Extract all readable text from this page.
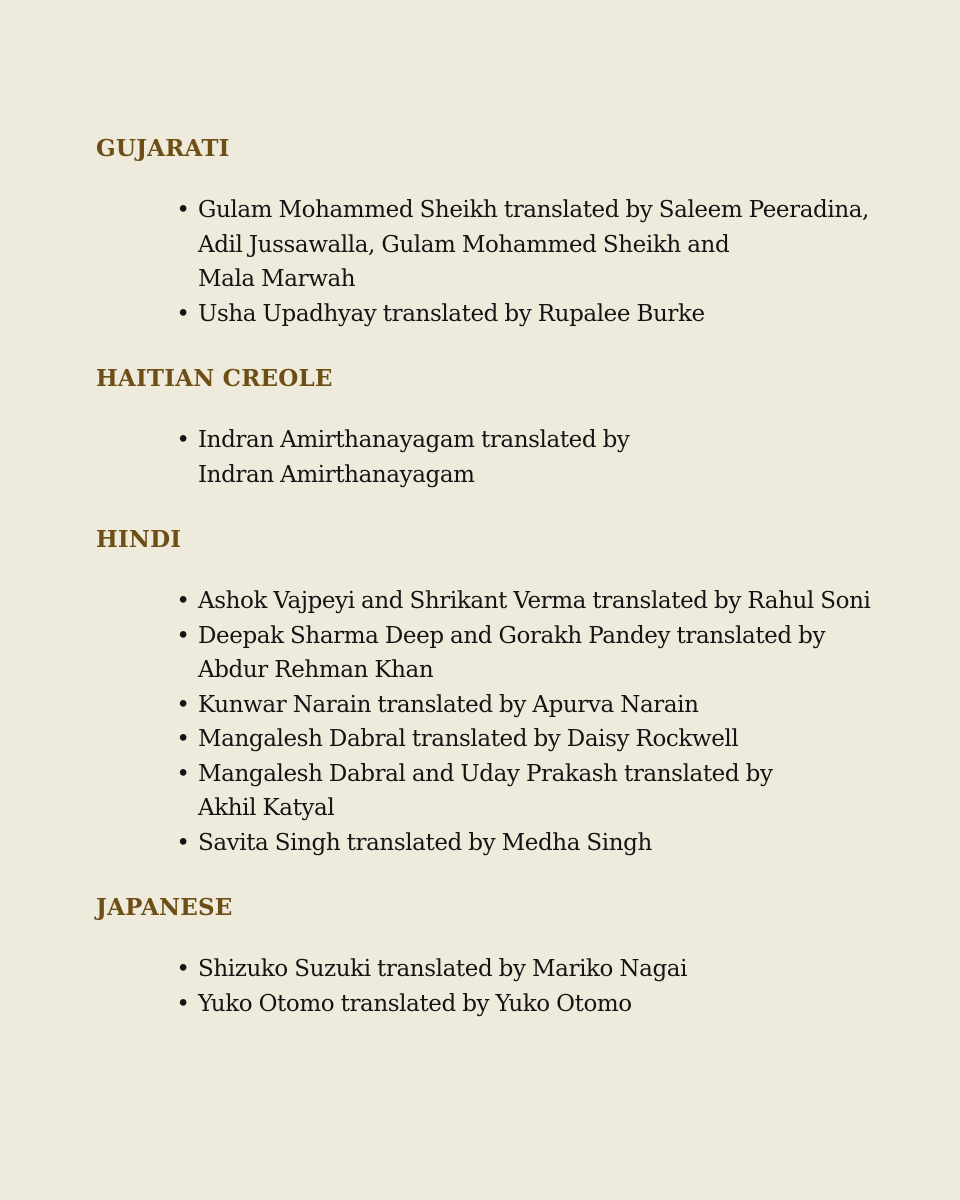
GUJARATI
• Gulam Mohammed Sheikh translated by Saleem Peeradina,
Adil Jussawalla, Gulam Mohammed Sheikh and
Mala Marwah
• Usha Upadhyay translated by Rupalee Burke
HAITIAN CREOLE
• Indran Amirthanayagam translated by
Indran Amirthanayagam
HINDI
• Ashok Vajpeyi and Shrikant Verma translated by Rahul Soni
• Deepak Sharma Deep and Gorakh Pandey translated by
Abdur Rehman Khan
• Kunwar Narain translated by Apurva Narain
• Mangalesh Dabral translated by Daisy Rockwell
• Mangalesh Dabral and Uday Prakash translated by
Akhil Katyal
• Savita Singh translated by Medha Singh
JAPANESE
• Shizuko Suzuki translated by Mariko Nagai
• Yuko Otomo translated by Yuko Otomo
